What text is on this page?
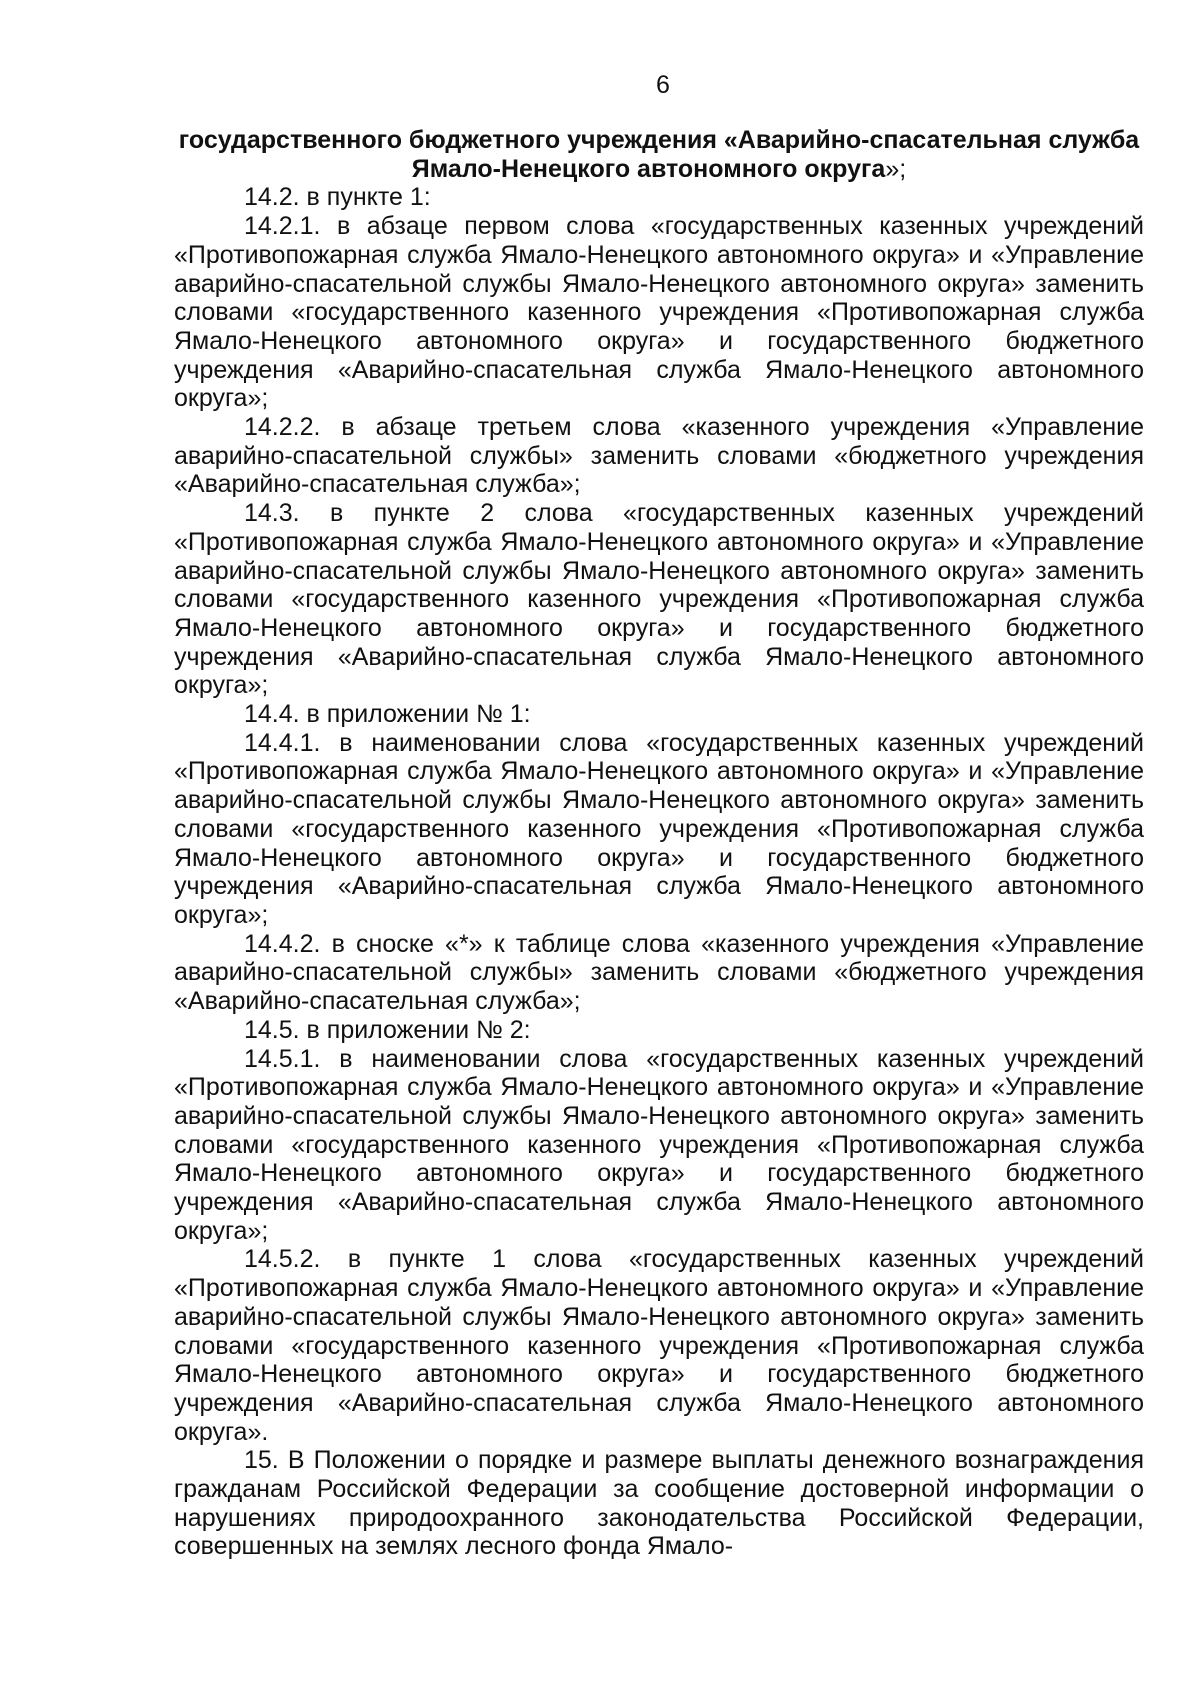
6

государственного бюджетного учреждения «Аварийно-спасательная служба Ямало-Ненецкого автономного округа»;

14.2. в пункте 1:

14.2.1. в абзаце первом слова «государственных казенных учреждений «Противопожарная служба Ямало-Ненецкого автономного округа» и «Управление аварийно-спасательной службы Ямало-Ненецкого автономного округа» заменить словами «государственного казенного учреждения «Противопожарная служба Ямало-Ненецкого автономного округа» и государственного бюджетного учреждения «Аварийно-спасательная служба Ямало-Ненецкого автономного округа»;

14.2.2. в абзаце третьем слова «казенного учреждения «Управление аварийно-спасательной службы» заменить словами «бюджетного учреждения «Аварийно-спасательная служба»;

14.3. в пункте 2 слова «государственных казенных учреждений «Противопожарная служба Ямало-Ненецкого автономного округа» и «Управление аварийно-спасательной службы Ямало-Ненецкого автономного округа» заменить словами «государственного казенного учреждения «Противопожарная служба Ямало-Ненецкого автономного округа» и государственного бюджетного учреждения «Аварийно-спасательная служба Ямало-Ненецкого автономного округа»;

14.4. в приложении № 1:

14.4.1. в наименовании слова «государственных казенных учреждений «Противопожарная служба Ямало-Ненецкого автономного округа» и «Управление аварийно-спасательной службы Ямало-Ненецкого автономного округа» заменить словами «государственного казенного учреждения «Противопожарная служба Ямало-Ненецкого автономного округа» и государственного бюджетного учреждения «Аварийно-спасательная служба Ямало-Ненецкого автономного округа»;

14.4.2. в сноске «*» к таблице слова «казенного учреждения «Управление аварийно-спасательной службы» заменить словами «бюджетного учреждения «Аварийно-спасательная служба»;

14.5. в приложении № 2:

14.5.1. в наименовании слова «государственных казенных учреждений «Противопожарная служба Ямало-Ненецкого автономного округа» и «Управление аварийно-спасательной службы Ямало-Ненецкого автономного округа» заменить словами «государственного казенного учреждения «Противопожарная служба Ямало-Ненецкого автономного округа» и государственного бюджетного учреждения «Аварийно-спасательная служба Ямало-Ненецкого автономного округа»;

14.5.2. в пункте 1 слова «государственных казенных учреждений «Противопожарная служба Ямало-Ненецкого автономного округа» и «Управление аварийно-спасательной службы Ямало-Ненецкого автономного округа» заменить словами «государственного казенного учреждения «Противопожарная служба Ямало-Ненецкого автономного округа» и государственного бюджетного учреждения «Аварийно-спасательная служба Ямало-Ненецкого автономного округа».

15. В Положении о порядке и размере выплаты денежного вознаграждения гражданам Российской Федерации за сообщение достоверной информации о нарушениях природоохранного законодательства Российской Федерации, совершенных на землях лесного фонда Ямало-
